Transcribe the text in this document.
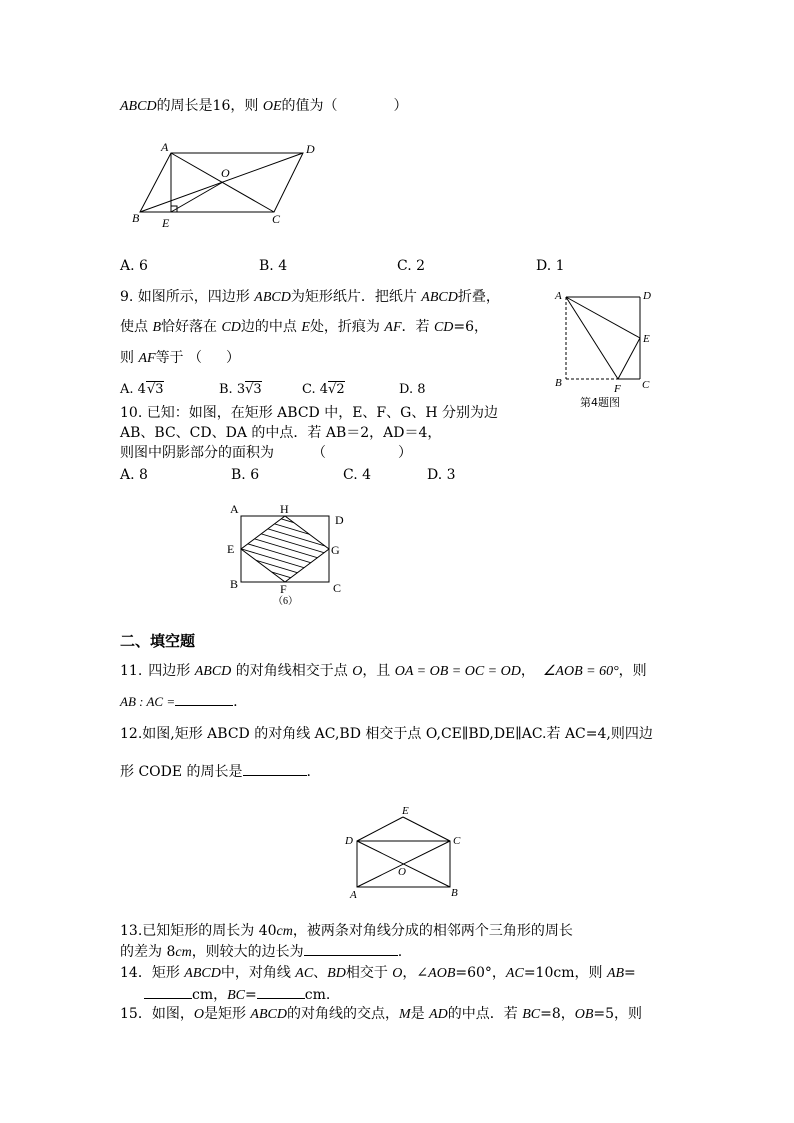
ABCD的周长是16，则 OE的值为（	）
A	D
O
B E	C
A. 6	B. 4	C. 2	D. 1
9. 如图所示，四边形 ABCD为矩形纸片．把纸片 ABCD折叠，
使点 B恰好落在 CD边的中点 E处，折痕为 AF．若 CD=6，
则 AF等于 （ ）
A. 4√3	B. 3√3	C. 4√2	D. 8
A	D
E
B	F C
第4题图
10. 已知：如图，在矩形 ABCD 中，E、F、G、H 分别为边
AB、BC、CD、DA 的中点．若 AB＝2，AD＝4，
则图中阴影部分的面积为	（	）
A. 8	B. 6	C. 4	D. 3
A	H
D
E	G
B	F	C
（6）
二、填空题
11. 四边形 ABCD 的对角线相交于点 O，且 OA = OB = OC = OD， ∠AOB = 60°，则
AB : AC =	.
12.如图,矩形 ABCD 的对角线 AC,BD 相交于点 O,CE∥BD,DE∥AC.若 AC=4,则四边
形 CODE 的周长是	.
E
D	C
O
A	B
13.已知矩形的周长为 40cm，被两条对角线分成的相邻两个三角形的周长
的差为 8cm，则较大的边长为	.
14．矩形 ABCD中，对角线 AC、BD相交于 O，∠AOB=60°，AC=10cm，则 AB=
cm，BC=	cm.
15．如图，O是矩形 ABCD的对角线的交点，M是 AD的中点．若 BC=8，OB=5，则
